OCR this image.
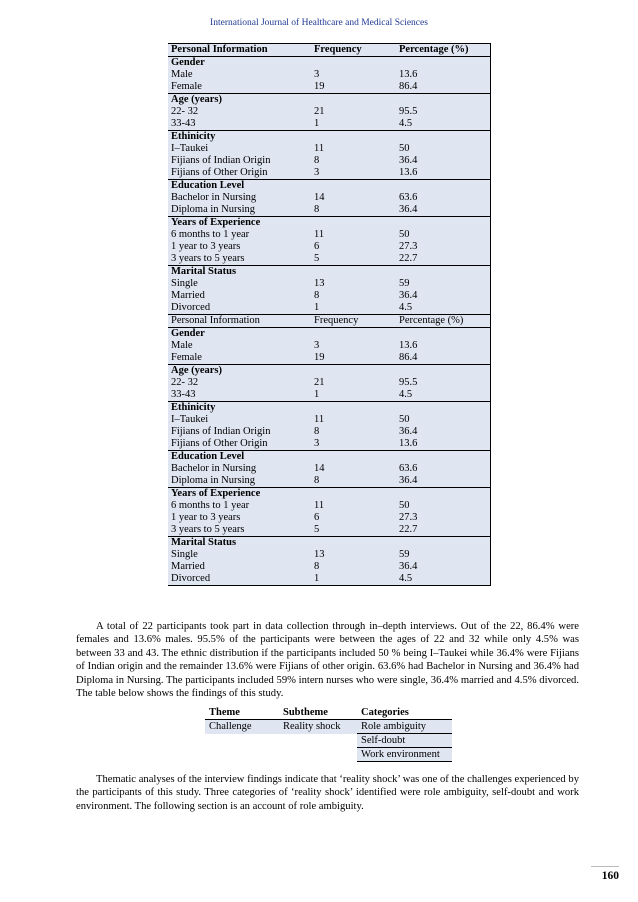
International Journal of Healthcare and Medical Sciences
Personal Information	Frequency	Percentage (%)
Gender		
Male	3	13.6
Female	19	86.4
Age (years)		
22- 32	21	95.5
33-43	1	4.5
Ethinicity		
I–Taukei	11	50
Fijians of Indian Origin	8	36.4
Fijians of Other Origin	3	13.6
Education Level		
Bachelor in Nursing	14	63.6
Diploma in Nursing	8	36.4
Years of Experience		
6 months to 1 year	11	50
1 year to 3 years	6	27.3
3 years to 5 years	5	22.7
Marital Status		
Single	13	59
Married	8	36.4
Divorced	1	4.5
Personal Information	Frequency	Percentage (%)
Gender		
Male	3	13.6
Female	19	86.4
Age (years)		
22- 32	21	95.5
33-43	1	4.5
Ethinicity		
I–Taukei	11	50
Fijians of Indian Origin	8	36.4
Fijians of Other Origin	3	13.6
Education Level		
Bachelor in Nursing	14	63.6
Diploma in Nursing	8	36.4
Years of Experience		
6 months to 1 year	11	50
1 year to 3 years	6	27.3
3 years to 5 years	5	22.7
Marital Status		
Single	13	59
Married	8	36.4
Divorced	1	4.5

A total of 22 participants took part in data collection through in–depth interviews. Out of the 22, 86.4% were females and 13.6% males. 95.5% of the participants were between the ages of 22 and 32 while only 4.5% was between 33 and 43. The ethnic distribution if the participants included 50 % being I–Taukei while 36.4% were Fijians of Indian origin and the remainder 13.6% were Fijians of other origin. 63.6% had Bachelor in Nursing and 36.4% had Diploma in Nursing. The participants included 59% intern nurses who were single, 36.4% married and 4.5% divorced. The table below shows the findings of this study.

Theme	Subtheme	Categories
Challenge	Reality shock	Role ambiguity
		Self-doubt
		Work environment

Thematic analyses of the interview findings indicate that ‘reality shock’ was one of the challenges experienced by the participants of this study. Three categories of ‘reality shock’ identified were role ambiguity, self-doubt and work environment. The following section is an account of role ambiguity.

160
